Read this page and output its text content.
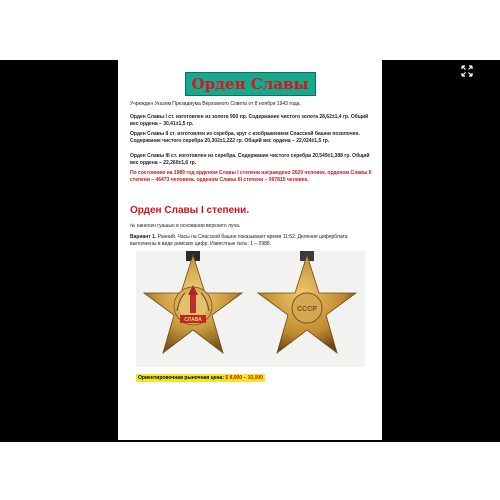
Орден Славы
Учрежден Указом Президиума Верховного Совета от 8 ноября 1943 года.
Орден Славы I ст. изготовлен из золота 950 пр. Содержание чистого золота 28,62±1,4 гр. Общий вес ордена – 30,41±1,5 гр.
Орден Славы II ст. изготовлен из серебра, круг с изображением Спасской башни позолочен. Содержание чистого серебра 20,302±1,222 гр. Общий вес ордена – 22,024±1,5 гр.
Орден Славы III ст. изготовлен из серебра. Содержание чистого серебра 20,549±1,388 гр. Общий вес ордена – 22,260±1,6 гр.
По состоянию на 1989 год орденом Славы I степени награждено 2620 человек, орденом Славы II степени – 46473 человека, орденом Славы III степени – 997815 человек.
Орден Славы I степени.
№ нанесен гуашью в основании верхнего луча.
Вариант 1. Ранний. Часы на Спасской башне показывают время 11:52. Деления циферблата выполнены в виде римских цифр. Известные №№: 1 – 2988.
СЛАВА
СССР
Ориентировочная рыночная цена: $ 8,000 – 10,000
